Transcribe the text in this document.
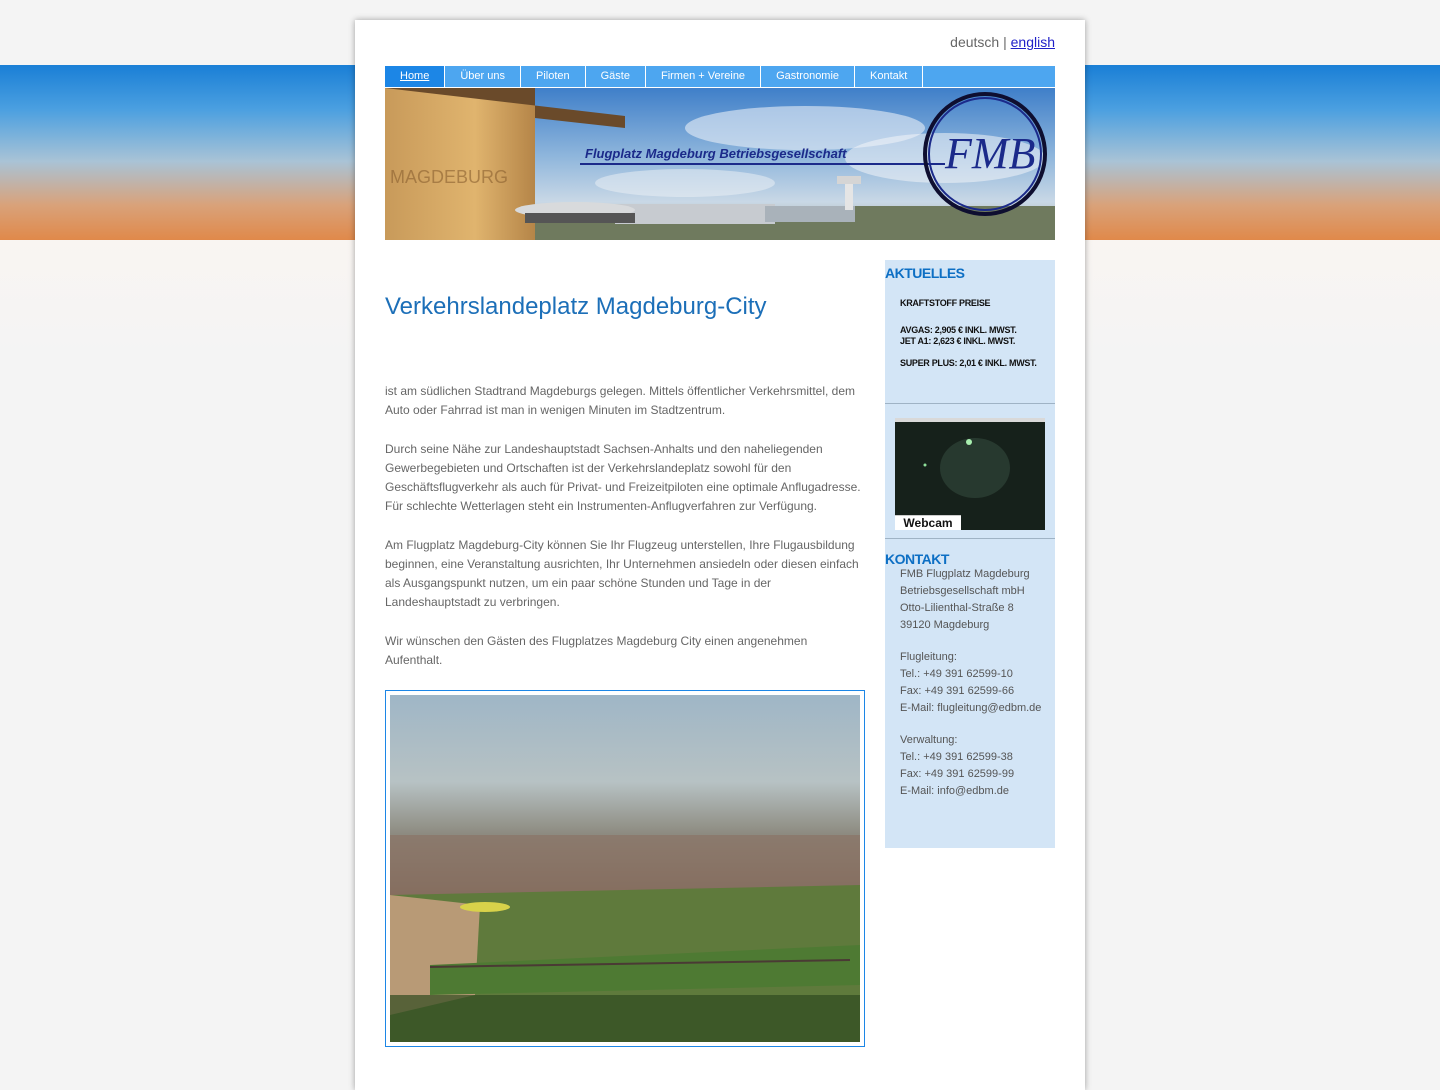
deutsch | english
Home	Über uns	Piloten	Gäste	Firmen + Vereine	Gastronomie	Kontakt
MAGDEBURG
Flugplatz Magdeburg Betriebsgesellschaft FMB
Verkehrslandeplatz Magdeburg-City

ist am südlichen Stadtrand Magdeburgs gelegen. Mittels öffentlicher Verkehrsmittel, dem Auto oder Fahrrad ist man in wenigen Minuten im Stadtzentrum.

Durch seine Nähe zur Landeshauptstadt Sachsen-Anhalts und den naheliegenden Gewerbegebieten und Ortschaften ist der Verkehrslandeplatz sowohl für den Geschäftsflugverkehr als auch für Privat- und Freizeitpiloten eine optimale Anflugadresse. Für schlechte Wetterlagen steht ein Instrumenten-Anflugverfahren zur Verfügung.

Am Flugplatz Magdeburg-City können Sie Ihr Flugzeug unterstellen, Ihre Flugausbildung beginnen, eine Veranstaltung ausrichten, Ihr Unternehmen ansiedeln oder diesen einfach als Ausgangspunkt nutzen, um ein paar schöne Stunden und Tage in der Landeshauptstadt zu verbringen.

Wir wünschen den Gästen des Flugplatzes Magdeburg City einen angenehmen Aufenthalt.

AKTUELLES
KRAFTSTOFF PREISE
AVGAS: 2,905 € INKL. MWST.
JET A1: 2,623 € INKL. MWST.
SUPER PLUS: 2,01 € INKL. MWST.
Webcam
KONTAKT
FMB Flugplatz Magdeburg
Betriebsgesellschaft mbH
Otto-Lilienthal-Straße 8
39120 Magdeburg
Flugleitung:
Tel.: +49 391 62599-10
Fax: +49 391 62599-66
E-Mail: flugleitung@edbm.de
Verwaltung:
Tel.: +49 391 62599-38
Fax: +49 391 62599-99
E-Mail: info@edbm.de
